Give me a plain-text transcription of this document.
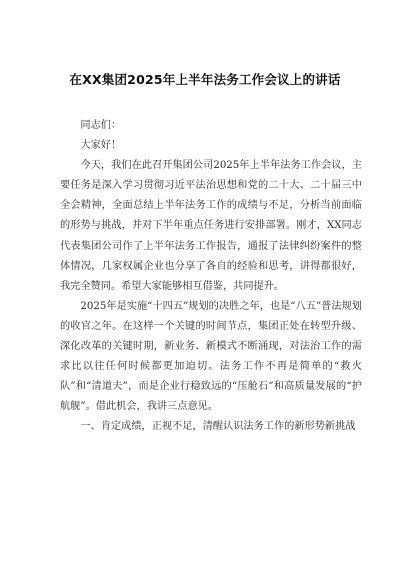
在XX集团2025年上半年法务工作会议上的讲话

同志们：

大家好！

今天，我们在此召开集团公司2025年上半年法务工作会议，主要任务是深入学习贯彻习近平法治思想和党的二十大、二十届三中全会精神，全面总结上半年法务工作的成绩与不足，分析当前面临的形势与挑战，并对下半年重点任务进行安排部署。刚才，XX同志代表集团公司作了上半年法务工作报告，通报了法律纠纷案件的整体情况，几家权属企业也分享了各自的经验和思考，讲得都很好，我完全赞同。希望大家能够相互借鉴，共同提升。

2025年是实施“十四五”规划的决胜之年，也是“八五”普法规划的收官之年。在这样一个关键的时间节点，集团正处在转型升级、深化改革的关键时期，新业务、新模式不断涌现，对法治工作的需求比以往任何时候都更加迫切。法务工作不再是简单的“救火队”和“清道夫”，而是企业行稳致远的“压舱石”和高质量发展的“护航舰”。借此机会，我讲三点意见。

一、肯定成绩，正视不足，清醒认识法务工作的新形势新挑战
